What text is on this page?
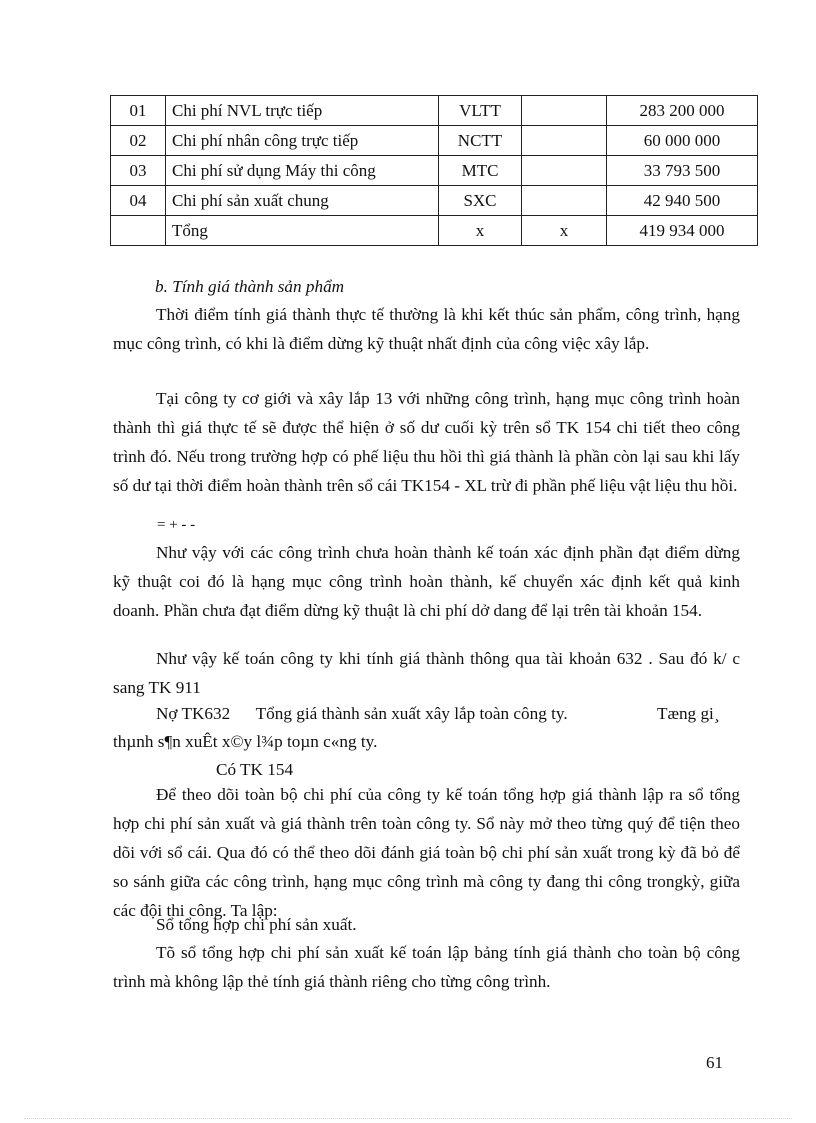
01	Chi phí NVL trực tiếp	VLTT		283 200 000
02	Chi phí nhân công trực tiếp	NCTT		60 000 000
03	Chi phí sử dụng Máy thi công	MTC		33 793 500
04	Chi phí sản xuất chung	SXC		42 940 500
	Tổng	x	x	419 934 000
b. Tính giá thành sản phẩm
Thời điểm tính giá thành thực tế thường là khi kết thúc sản phẩm, công trình, hạng mục công trình, có khi là điểm dừng kỹ thuật nhất định của công việc xây lắp.
Tại công ty cơ giới và xây lắp 13 với những công trình, hạng mục công trình hoàn thành thì giá thực tế sẽ được thể hiện ở số dư cuối kỳ trên sổ TK 154 chi tiết theo công trình đó. Nếu trong trường hợp có phế liệu thu hồi thì giá thành là phần còn lại sau khi lấy số dư tại thời điểm hoàn thành trên sổ cái TK154 - XL trừ đi phần phế liệu vật liệu thu hồi.
= + - -
Như vậy với các công trình chưa hoàn thành kế toán xác định phần đạt điểm dừng kỹ thuật coi đó là hạng mục công trình hoàn thành, kế chuyển xác định kết quả kinh doanh. Phần chưa đạt điểm dừng kỹ thuật là chi phí dở dang để lại trên tài khoản 154.
Như vậy kế toán công ty khi tính giá thành thông qua tài khoản 632 . Sau đó k/ c sang TK 911
Nợ TK632      Tổng giá thành sản xuất xây lắp toàn công ty.	Tæng gi¸
thµnh s¶n xuÊt x©y l¾p toµn c«ng ty.
Có TK 154
Để theo dõi toàn bộ chi phí của công ty kế toán tổng hợp giá thành lập ra sổ tổng hợp chi phí sản xuất và giá thành trên toàn công ty. Sổ này mở theo từng quý để tiện theo dõi với sổ cái. Qua đó có thể theo dõi đánh giá toàn bộ chi phí sản xuất trong kỳ đã bỏ để so sánh giữa các công trình, hạng mục công trình mà công ty đang thi công trongkỳ, giữa các đội thi công. Ta lập:
Sổ tổng hợp chi phí sản xuất.
Tõ sổ tổng hợp chi phí sản xuất kế toán lập bảng tính giá thành cho toàn bộ công trình mà không lập thẻ tính giá thành riêng cho từng công trình.
61
